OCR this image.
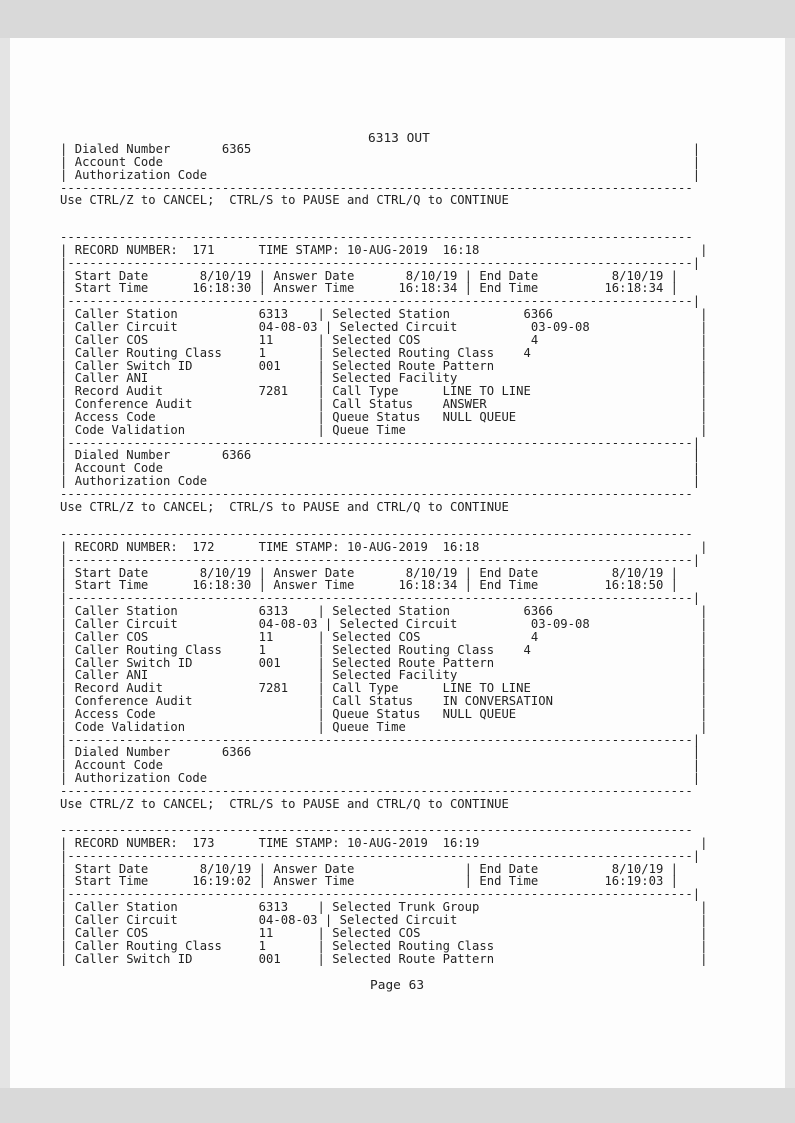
6313 OUT
| Dialed Number       6365                                                            |
| Account Code                                                                        |
| Authorization Code                                                                  |
--------------------------------------------------------------------------------------
Use CTRL/Z to CANCEL;  CTRL/S to PAUSE and CTRL/Q to CONTINUE
--------------------------------------------------------------------------------------
| RECORD NUMBER:  171      TIME STAMP: 10-AUG-2019  16:18                              |
|-------------------------------------------------------------------------------------|
| Start Date       8/10/19 | Answer Date       8/10/19 | End Date          8/10/19 |
| Start Time      16:18:30 | Answer Time      16:18:34 | End Time         16:18:34 |
|-------------------------------------------------------------------------------------|
| Caller Station           6313    | Selected Station          6366                    |
| Caller Circuit           04-08-03 | Selected Circuit          03-09-08               |
| Caller COS               11      | Selected COS               4                      |
| Caller Routing Class     1       | Selected Routing Class    4                       |
| Caller Switch ID         001     | Selected Route Pattern                            |
| Caller ANI                       | Selected Facility                                 |
| Record Audit             7281    | Call Type      LINE TO LINE                       |
| Conference Audit                 | Call Status    ANSWER                             |
| Access Code                      | Queue Status   NULL QUEUE                         |
| Code Validation                  | Queue Time                                        |
|-------------------------------------------------------------------------------------|
| Dialed Number       6366                                                            |
| Account Code                                                                        |
| Authorization Code                                                                  |
--------------------------------------------------------------------------------------
Use CTRL/Z to CANCEL;  CTRL/S to PAUSE and CTRL/Q to CONTINUE
--------------------------------------------------------------------------------------
| RECORD NUMBER:  172      TIME STAMP: 10-AUG-2019  16:18                              |
|-------------------------------------------------------------------------------------|
| Start Date       8/10/19 | Answer Date       8/10/19 | End Date          8/10/19 |
| Start Time      16:18:30 | Answer Time      16:18:34 | End Time         16:18:50 |
|-------------------------------------------------------------------------------------|
| Caller Station           6313    | Selected Station          6366                    |
| Caller Circuit           04-08-03 | Selected Circuit          03-09-08               |
| Caller COS               11      | Selected COS               4                      |
| Caller Routing Class     1       | Selected Routing Class    4                       |
| Caller Switch ID         001     | Selected Route Pattern                            |
| Caller ANI                       | Selected Facility                                 |
| Record Audit             7281    | Call Type      LINE TO LINE                       |
| Conference Audit                 | Call Status    IN CONVERSATION                    |
| Access Code                      | Queue Status   NULL QUEUE                         |
| Code Validation                  | Queue Time                                        |
|-------------------------------------------------------------------------------------|
| Dialed Number       6366                                                            |
| Account Code                                                                        |
| Authorization Code                                                                  |
--------------------------------------------------------------------------------------
Use CTRL/Z to CANCEL;  CTRL/S to PAUSE and CTRL/Q to CONTINUE
--------------------------------------------------------------------------------------
| RECORD NUMBER:  173      TIME STAMP: 10-AUG-2019  16:19                              |
|-------------------------------------------------------------------------------------|
| Start Date       8/10/19 | Answer Date               | End Date          8/10/19 |
| Start Time      16:19:02 | Answer Time               | End Time         16:19:03 |
|-------------------------------------------------------------------------------------|
| Caller Station           6313    | Selected Trunk Group                              |
| Caller Circuit           04-08-03 | Selected Circuit                                 |
| Caller COS               11      | Selected COS                                      |
| Caller Routing Class     1       | Selected Routing Class                            |
| Caller Switch ID         001     | Selected Route Pattern                            |
Page 63
